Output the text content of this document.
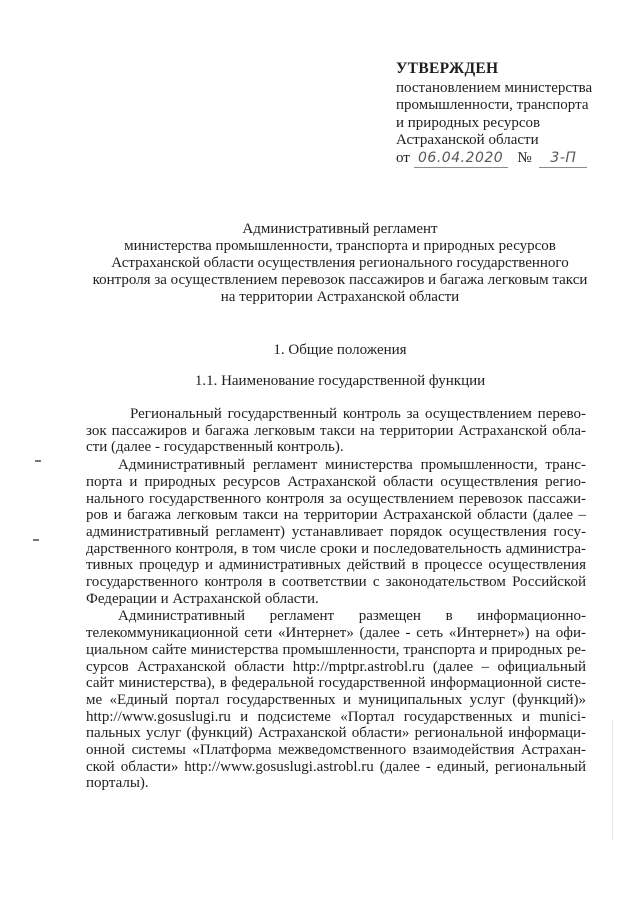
УТВЕРЖДЕН
постановлением министерства
промышленности, транспорта
и природных ресурсов
Астраханской области
от 06.04.2020 № 3-П
Административный регламент
министерства промышленности, транспорта и природных ресурсов
Астраханской области осуществления регионального государственного
контроля за осуществлением перевозок пассажиров и багажа легковым такси
на территории Астраханской области
1. Общие положения
1.1. Наименование государственной функции
Региональный государственный контроль за осуществлением перево-
зок пассажиров и багажа легковым такси на территории Астраханской обла-
сти (далее - государственный контроль).
Административный регламент министерства промышленности, транс-
порта и природных ресурсов Астраханской области осуществления регио-
нального государственного контроля за осуществлением перевозок пассажи-
ров и багажа легковым такси на территории Астраханской области (далее –
административный регламент) устанавливает порядок осуществления госу-
дарственного контроля, в том числе сроки и последовательность администра-
тивных процедур и административных действий в процессе осуществления
государственного контроля в соответствии с законодательством Российской
Федерации и Астраханской области.
Административный регламент размещен в информационно-
телекоммуникационной сети «Интернет» (далее - сеть «Интернет») на офи-
циальном сайте министерства промышленности, транспорта и природных ре-
сурсов Астраханской области http://mptpr.astrobl.ru (далее – официальный
сайт министерства), в федеральной государственной информационной систе-
ме «Единый портал государственных и муниципальных услуг (функций)»
http://www.gosuslugi.ru и подсистеме «Портал государственных и munici-
пальных услуг (функций) Астраханской области» региональной информаци-
онной системы «Платформа межведомственного взаимодействия Астрахан-
ской области» http://www.gosuslugi.astrobl.ru (далее - единый, региональный
порталы).
